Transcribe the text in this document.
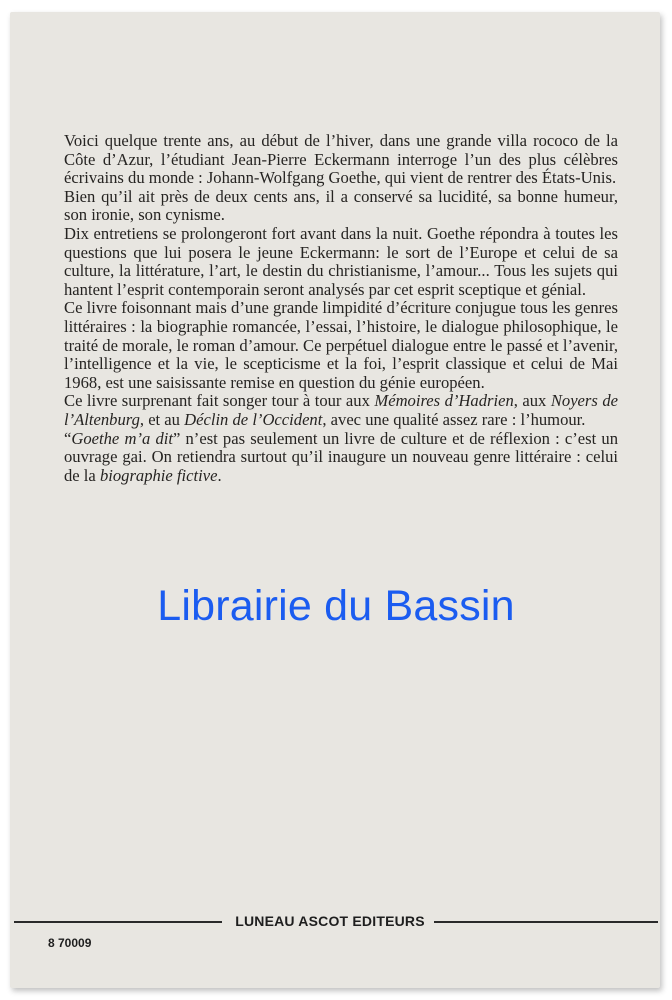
Voici quelque trente ans, au début de l’hiver, dans une grande villa rococo de la Côte d’Azur, l’étudiant Jean-Pierre Eckermann interroge l’un des plus célèbres écrivains du monde : Johann-Wolfgang Goethe, qui vient de rentrer des États-Unis.

Bien qu’il ait près de deux cents ans, il a conservé sa lucidité, sa bonne humeur, son ironie, son cynisme.

Dix entretiens se prolongeront fort avant dans la nuit. Goethe répondra à toutes les questions que lui posera le jeune Eckermann: le sort de l’Europe et celui de sa culture, la littérature, l’art, le destin du christianisme, l’amour... Tous les sujets qui hantent l’esprit contemporain seront analysés par cet esprit sceptique et génial.

Ce livre foisonnant mais d’une grande limpidité d’écriture conjugue tous les genres littéraires : la biographie romancée, l’essai, l’histoire, le dialogue philosophique, le traité de morale, le roman d’amour. Ce perpétuel dialogue entre le passé et l’avenir, l’intelligence et la vie, le scepticisme et la foi, l’esprit classique et celui de Mai 1968, est une saisissante remise en question du génie européen.

Ce livre surprenant fait songer tour à tour aux Mémoires d’Hadrien, aux Noyers de l’Altenburg, et au Déclin de l’Occident, avec une qualité assez rare : l’humour.

“Goethe m’a dit” n’est pas seulement un livre de culture et de réflexion : c’est un ouvrage gai. On retiendra surtout qu’il inaugure un nouveau genre littéraire : celui de la biographie fictive.

Librairie du Bassin
LUNEAU ASCOT EDITEURS
8 70009
